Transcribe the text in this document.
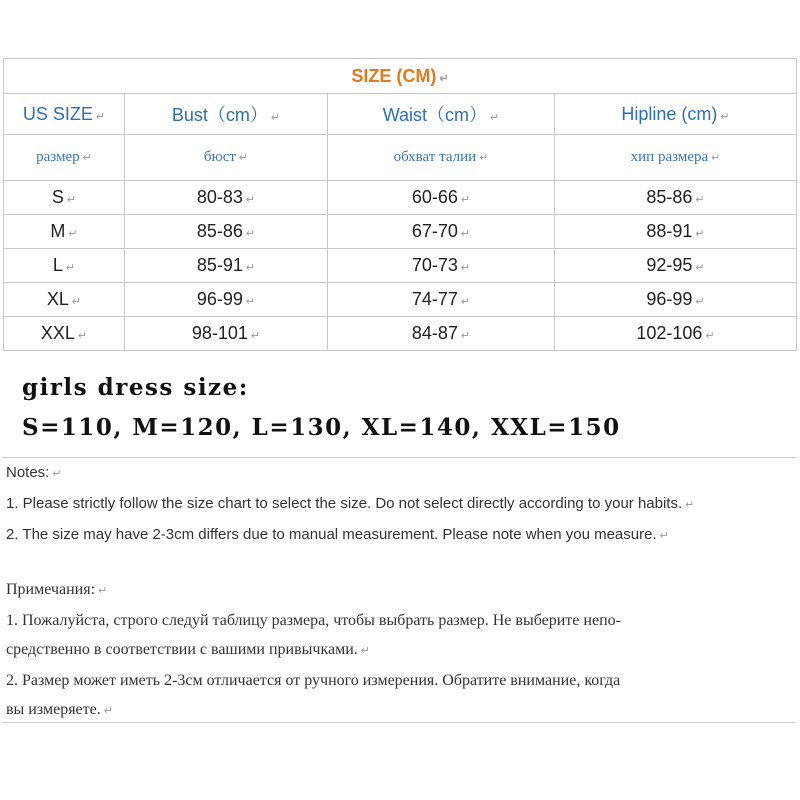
SIZE (CM) ↵			
US SIZE ↵	Bust（cm） ↵	Waist（cm） ↵	Hipline (cm) ↵
размер ↵	бюст ↵	обхват талии ↵	хип размера ↵
S ↵	80-83 ↵	60-66 ↵	85-86 ↵
M ↵	85-86 ↵	67-70 ↵	88-91 ↵
L ↵	85-91 ↵	70-73 ↵	92-95 ↵
XL ↵	96-99 ↵	74-77 ↵	96-99 ↵
XXL ↵	98-101 ↵	84-87 ↵	102-106 ↵
girls dress size:
S=110, M=120, L=130, XL=140, XXL=150
Notes: ↵
1. Please strictly follow the size chart to select the size. Do not select directly according to your habits. ↵
2. The size may have 2-3cm differs due to manual measurement. Please note when you measure. ↵
Примечания: ↵
1. Пожалуйста, строго следуй таблицу размера, чтобы выбрать размер. Не выберите непо-
средственно в соответствии с вашими привычками. ↵
2. Размер может иметь 2-3см отличается от ручного измерения. Обратите внимание, когда
вы измеряете. ↵
